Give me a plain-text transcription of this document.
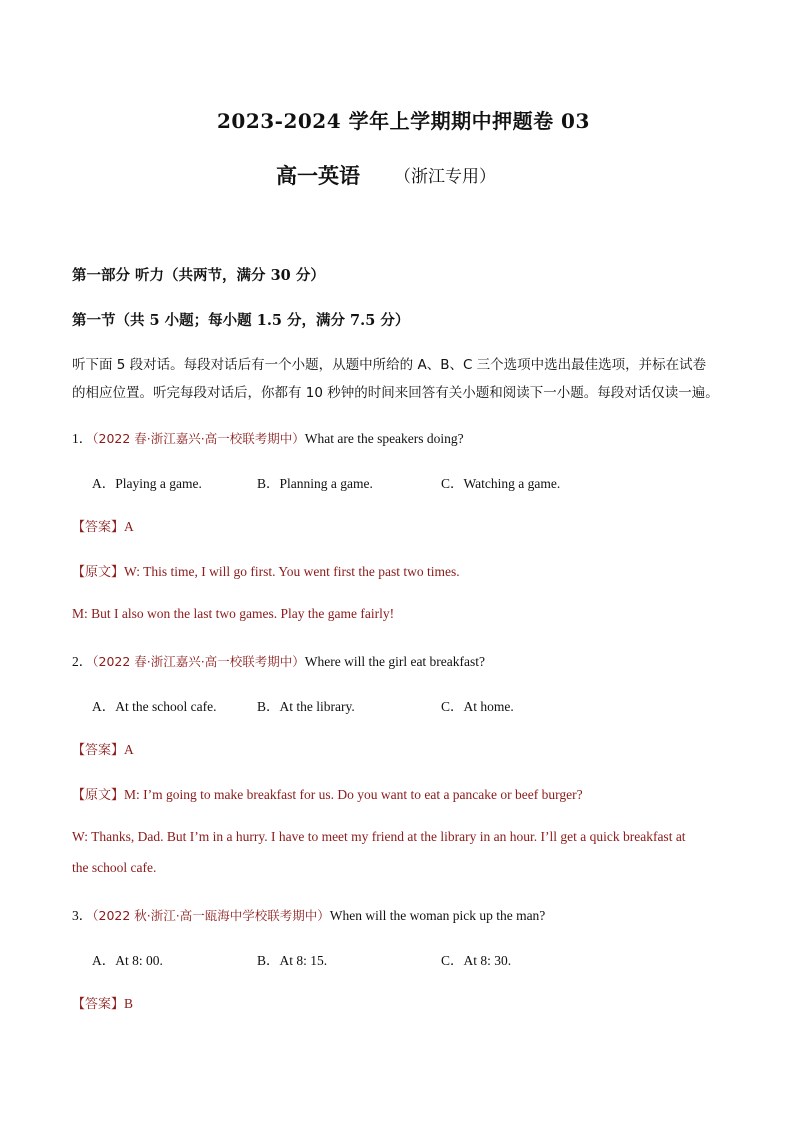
2023-2024 学年上学期期中押题卷 03
高一英语 （浙江专用）
第一部分 听力（共两节，满分 30 分）
第一节（共 5 小题；每小题 1.5 分，满分 7.5 分）
听下面 5 段对话。每段对话后有一个小题，从题中所给的 A、B、C 三个选项中选出最佳选项，并标在试卷
的相应位置。听完每段对话后，你都有 10 秒钟的时间来回答有关小题和阅读下一小题。每段对话仅读一遍。
1．（2022 春·浙江嘉兴·高一校联考期中）What are the speakers doing?
A．Playing a game.	B．Planning a game.	C．Watching a game.
【答案】A
【原文】W: This time, I will go first. You went first the past two times.
M: But I also won the last two games. Play the game fairly!
2．（2022 春·浙江嘉兴·高一校联考期中）Where will the girl eat breakfast?
A．At the school cafe.	B．At the library.	C．At home.
【答案】A
【原文】M: I’m going to make breakfast for us. Do you want to eat a pancake or beef burger?
W: Thanks, Dad. But I’m in a hurry. I have to meet my friend at the library in an hour. I’ll get a quick breakfast at
the school cafe.
3．（2022 秋·浙江·高一瓯海中学校联考期中）When will the woman pick up the man?
A．At 8: 00.	B．At 8: 15.	C．At 8: 30.
【答案】B
